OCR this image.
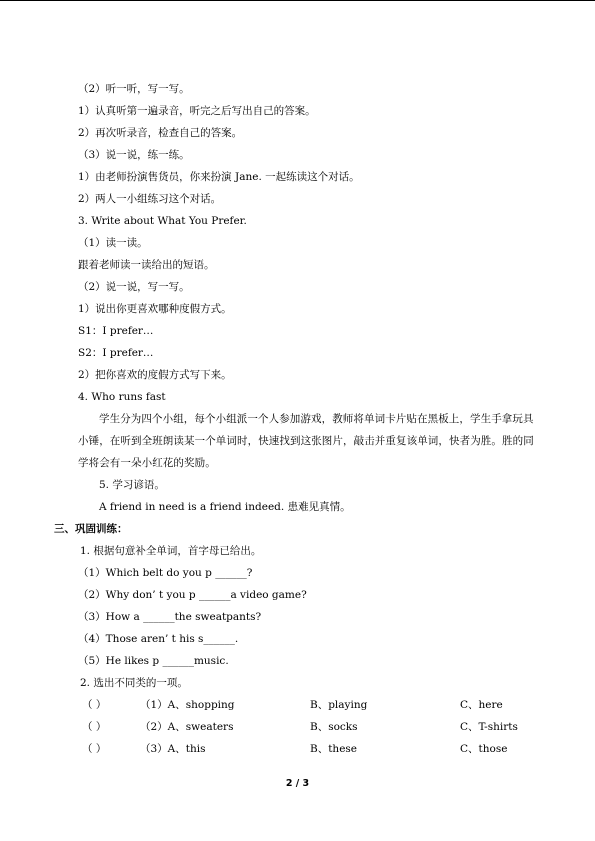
（2）听一听，写一写。
1）认真听第一遍录音，听完之后写出自己的答案。
2）再次听录音，检查自己的答案。
（3）说一说，练一练。
1）由老师扮演售货员，你来扮演 Jane. 一起练读这个对话。
2）两人一小组练习这个对话。
3. Write about What You Prefer.
（1）读一读。
跟着老师读一读给出的短语。
（2）说一说，写一写。
1）说出你更喜欢哪种度假方式。
S1：I prefer…
S2：I prefer…
2）把你喜欢的度假方式写下来。
4. Who runs fast
学生分为四个小组，每个小组派一个人参加游戏，教师将单词卡片贴在黑板上，学生手拿玩具小锤，在听到全班朗读某一个单词时，快速找到这张图片，敲击并重复该单词，快者为胜。胜的同学将会有一朵小红花的奖励。
5. 学习谚语。
A friend in need is a friend indeed. 患难见真情。
三、巩固训练：
1. 根据句意补全单词，首字母已给出。
（1）Which belt do you p ______?
（2）Why don’ t you p ______a video game?
（3）How a ______the sweatpants?
（4）Those aren’ t his s______.
（5）He likes p ______music.
2. 选出不同类的一项。
（ ）	（1）A、shopping	B、playing	C、here
（ ）	（2）A、sweaters	B、socks	C、T-shirts
（ ）	（3）A、this	B、these	C、those
2 / 3
